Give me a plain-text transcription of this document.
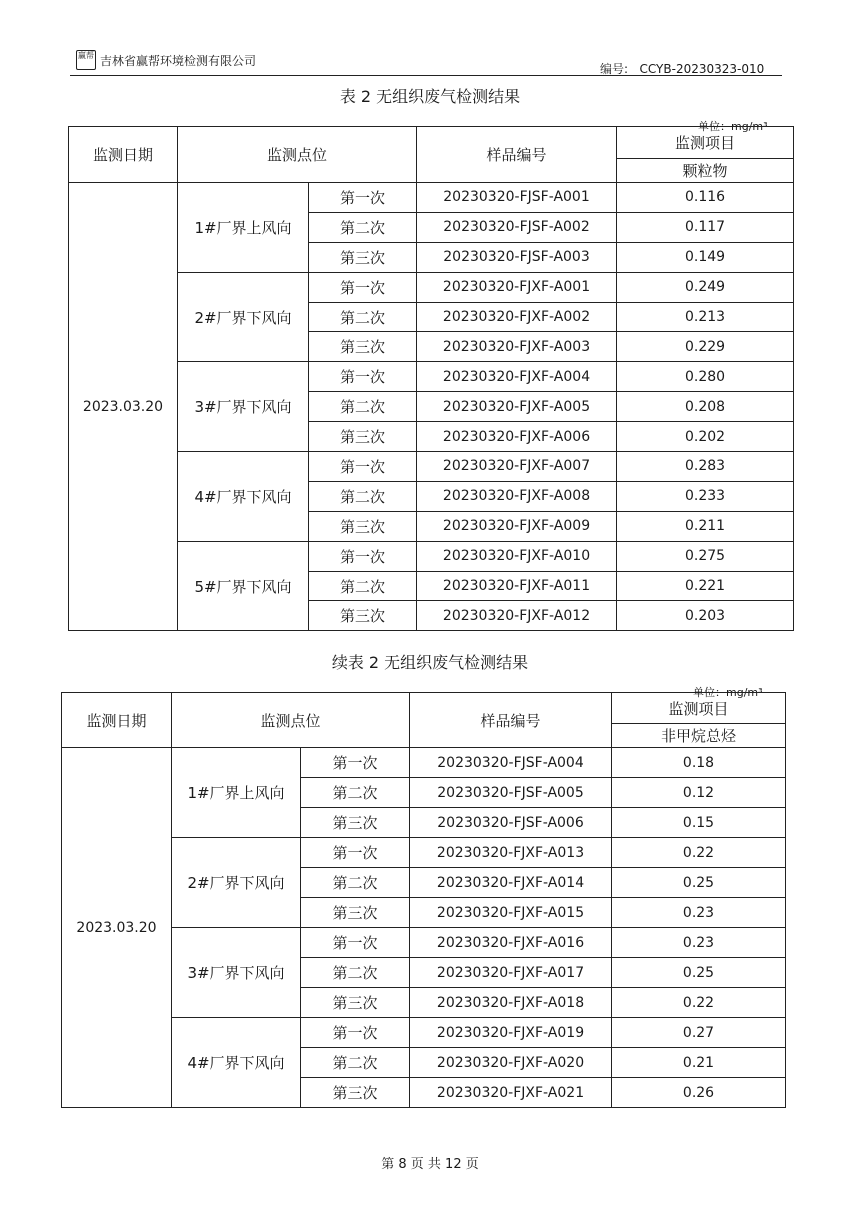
赢帮 吉林省赢帮环境检测有限公司
编号: CCYB-20230323-010
表 2 无组织废气检测结果
单位：mg/m³
监测日期	监测点位		样品编号	监测项目
				颗粒物
2023.03.20	1#厂界上风向	第一次	20230320-FJSF-A001	0.116
		第二次	20230320-FJSF-A002	0.117
		第三次	20230320-FJSF-A003	0.149
	2#厂界下风向	第一次	20230320-FJXF-A001	0.249
		第二次	20230320-FJXF-A002	0.213
		第三次	20230320-FJXF-A003	0.229
	3#厂界下风向	第一次	20230320-FJXF-A004	0.280
		第二次	20230320-FJXF-A005	0.208
		第三次	20230320-FJXF-A006	0.202
	4#厂界下风向	第一次	20230320-FJXF-A007	0.283
		第二次	20230320-FJXF-A008	0.233
		第三次	20230320-FJXF-A009	0.211
	5#厂界下风向	第一次	20230320-FJXF-A010	0.275
		第二次	20230320-FJXF-A011	0.221
		第三次	20230320-FJXF-A012	0.203
续表 2 无组织废气检测结果
单位：mg/m³
监测日期	监测点位		样品编号	监测项目
				非甲烷总烃
2023.03.20	1#厂界上风向	第一次	20230320-FJSF-A004	0.18
		第二次	20230320-FJSF-A005	0.12
		第三次	20230320-FJSF-A006	0.15
	2#厂界下风向	第一次	20230320-FJXF-A013	0.22
		第二次	20230320-FJXF-A014	0.25
		第三次	20230320-FJXF-A015	0.23
	3#厂界下风向	第一次	20230320-FJXF-A016	0.23
		第二次	20230320-FJXF-A017	0.25
		第三次	20230320-FJXF-A018	0.22
	4#厂界下风向	第一次	20230320-FJXF-A019	0.27
		第二次	20230320-FJXF-A020	0.21
		第三次	20230320-FJXF-A021	0.26
第 8 页 共 12 页
